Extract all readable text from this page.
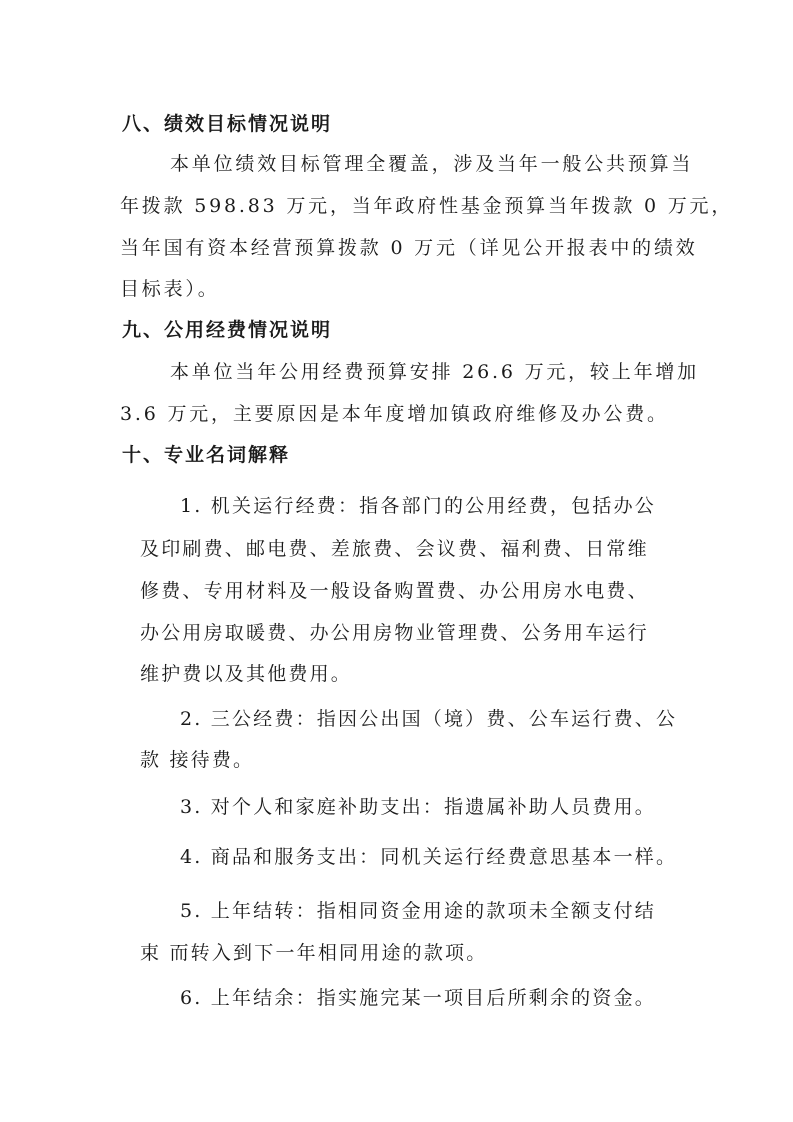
八、绩效目标情况说明

本单位绩效目标管理全覆盖，涉及当年一般公共预算当

年拨款 598.83 万元，当年政府性基金预算当年拨款 0 万元，

当年国有资本经营预算拨款 0 万元（详见公开报表中的绩效

目标表）。

九、公用经费情况说明

本单位当年公用经费预算安排 26.6 万元，较上年增加

3.6 万元，主要原因是本年度增加镇政府维修及办公费。

十、专业名词解释

1. 机关运行经费：指各部门的公用经费，包括办公

及印刷费、邮电费、差旅费、会议费、福利费、日常维

修费、专用材料及一般设备购置费、办公用房水电费、

办公用房取暖费、办公用房物业管理费、公务用车运行

维护费以及其他费用。

2. 三公经费：指因公出国（境）费、公车运行费、公

款 接待费。

3. 对个人和家庭补助支出：指遗属补助人员费用。

4. 商品和服务支出：同机关运行经费意思基本一样。

5. 上年结转：指相同资金用途的款项未全额支付结

束 而转入到下一年相同用途的款项。

6. 上年结余：指实施完某一项目后所剩余的资金。
